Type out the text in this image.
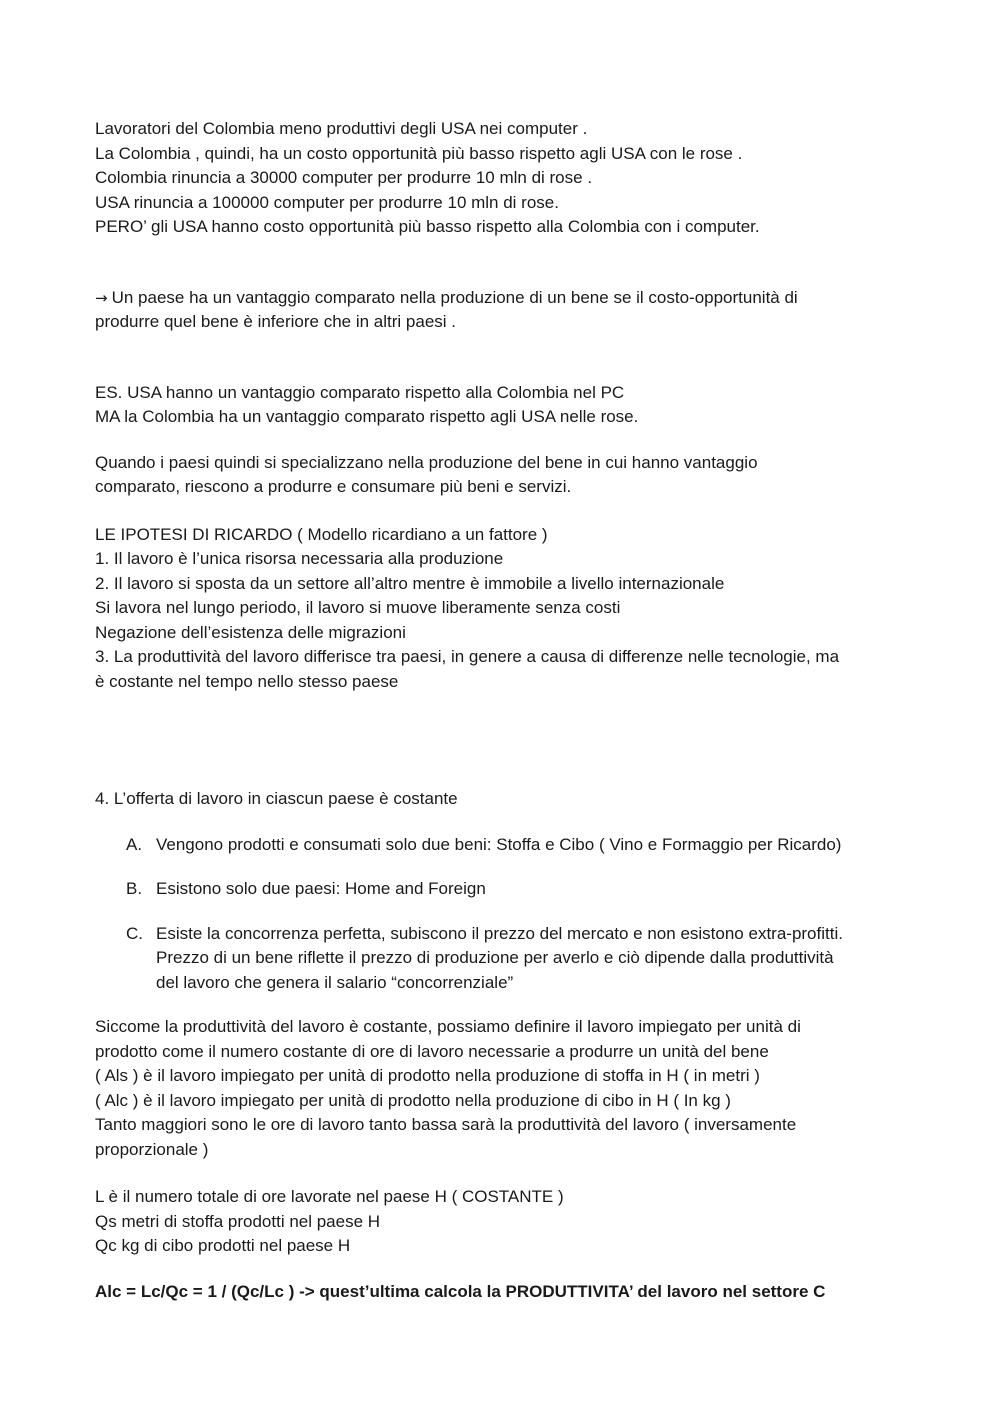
Lavoratori del Colombia meno produttivi degli USA nei computer .
La Colombia , quindi, ha un costo opportunità più basso rispetto agli USA con le rose .
Colombia rinuncia a 30000 computer per produrre 10 mln di rose .
USA rinuncia a 100000 computer per produrre 10 mln di rose.
PERO’ gli USA hanno costo opportunità più basso rispetto alla Colombia con i computer.
→ Un paese ha un vantaggio comparato nella produzione di un bene se il costo-opportunità di
produrre quel bene è inferiore che in altri paesi .
ES. USA hanno un vantaggio comparato rispetto alla Colombia nel PC
MA la Colombia ha un vantaggio comparato rispetto agli USA nelle rose.
Quando i paesi quindi si specializzano nella produzione del bene in cui hanno vantaggio
comparato, riescono a produrre e consumare più beni e servizi.
LE IPOTESI DI RICARDO ( Modello ricardiano a un fattore )
1. Il lavoro è l’unica risorsa necessaria alla produzione
2. Il lavoro si sposta da un settore all’altro mentre è immobile a livello internazionale
Si lavora nel lungo periodo, il lavoro si muove liberamente senza costi
Negazione dell’esistenza delle migrazioni
3. La produttività del lavoro differisce tra paesi, in genere a causa di differenze nelle tecnologie, ma
è costante nel tempo nello stesso paese
4. L’offerta di lavoro in ciascun paese è costante
A. Vengono prodotti e consumati solo due beni: Stoffa e Cibo ( Vino e Formaggio per Ricardo)
B. Esistono solo due paesi: Home and Foreign
C. Esiste la concorrenza perfetta, subiscono il prezzo del mercato e non esistono extra-profitti.
Prezzo di un bene riflette il prezzo di produzione per averlo e ciò dipende dalla produttività
del lavoro che genera il salario “concorrenziale”
Siccome la produttività del lavoro è costante, possiamo definire il lavoro impiegato per unità di
prodotto come il numero costante di ore di lavoro necessarie a produrre un unità del bene
( Als ) è il lavoro impiegato per unità di prodotto nella produzione di stoffa in H ( in metri )
( Alc ) è il lavoro impiegato per unità di prodotto nella produzione di cibo in H ( In kg )
Tanto maggiori sono le ore di lavoro tanto bassa sarà la produttività del lavoro ( inversamente
proporzionale )
L è il numero totale di ore lavorate nel paese H ( COSTANTE )
Qs metri di stoffa prodotti nel paese H
Qc kg di cibo prodotti nel paese H
Alc = Lc/Qc = 1 / (Qc/Lc ) -> quest’ultima calcola la PRODUTTIVITA’ del lavoro nel settore C
